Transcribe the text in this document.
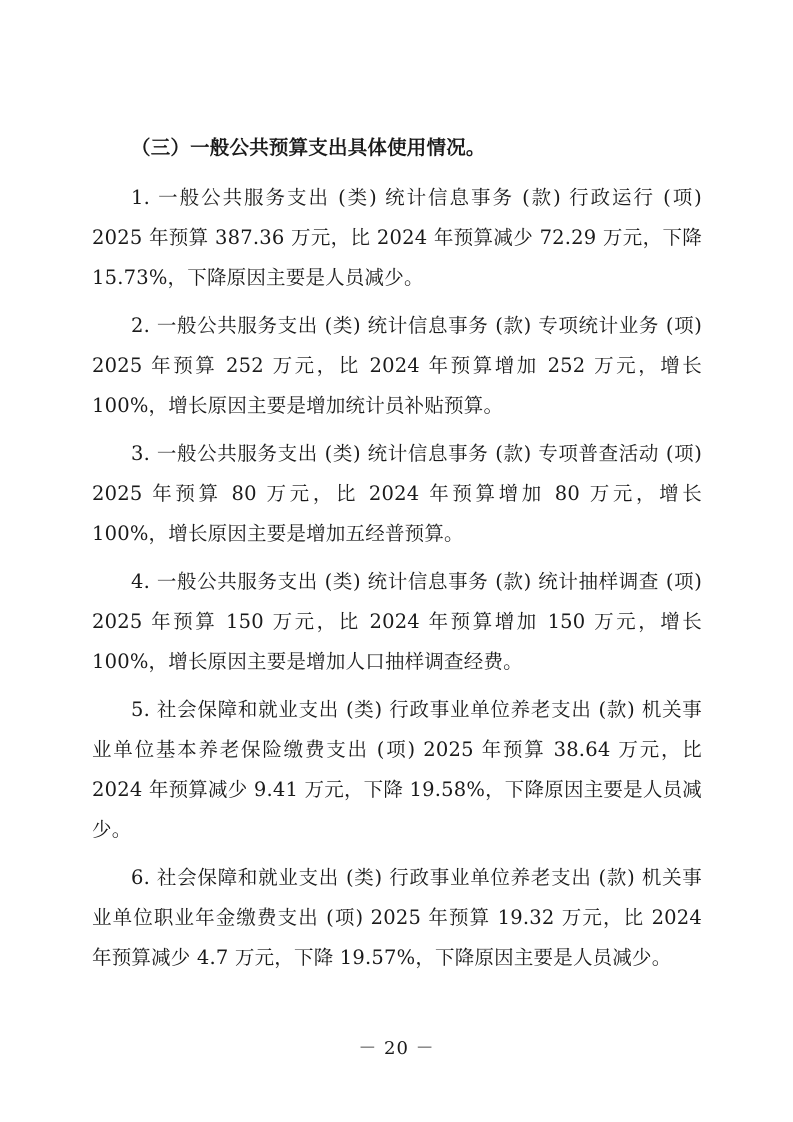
（三）一般公共预算支出具体使用情况。

1. 一般公共服务支出 (类) 统计信息事务 (款) 行政运行 (项) 2025 年预算 387.36 万元，比 2024 年预算减少 72.29 万元，下降 15.73%，下降原因主要是人员减少。

2. 一般公共服务支出 (类) 统计信息事务 (款) 专项统计业务 (项) 2025 年预算 252 万元，比 2024 年预算增加 252 万元，增长 100%，增长原因主要是增加统计员补贴预算。

3. 一般公共服务支出 (类) 统计信息事务 (款) 专项普查活动 (项) 2025 年预算 80 万元，比 2024 年预算增加 80 万元，增长 100%，增长原因主要是增加五经普预算。

4. 一般公共服务支出 (类) 统计信息事务 (款) 统计抽样调查 (项) 2025 年预算 150 万元，比 2024 年预算增加 150 万元，增长 100%，增长原因主要是增加人口抽样调查经费。

5. 社会保障和就业支出 (类) 行政事业单位养老支出 (款) 机关事业单位基本养老保险缴费支出 (项) 2025 年预算 38.64 万元，比 2024 年预算减少 9.41 万元，下降 19.58%，下降原因主要是人员减少。

6. 社会保障和就业支出 (类) 行政事业单位养老支出 (款) 机关事业单位职业年金缴费支出 (项) 2025 年预算 19.32 万元，比 2024 年预算减少 4.7 万元，下降 19.57%，下降原因主要是人员减少。

－ 20 －
